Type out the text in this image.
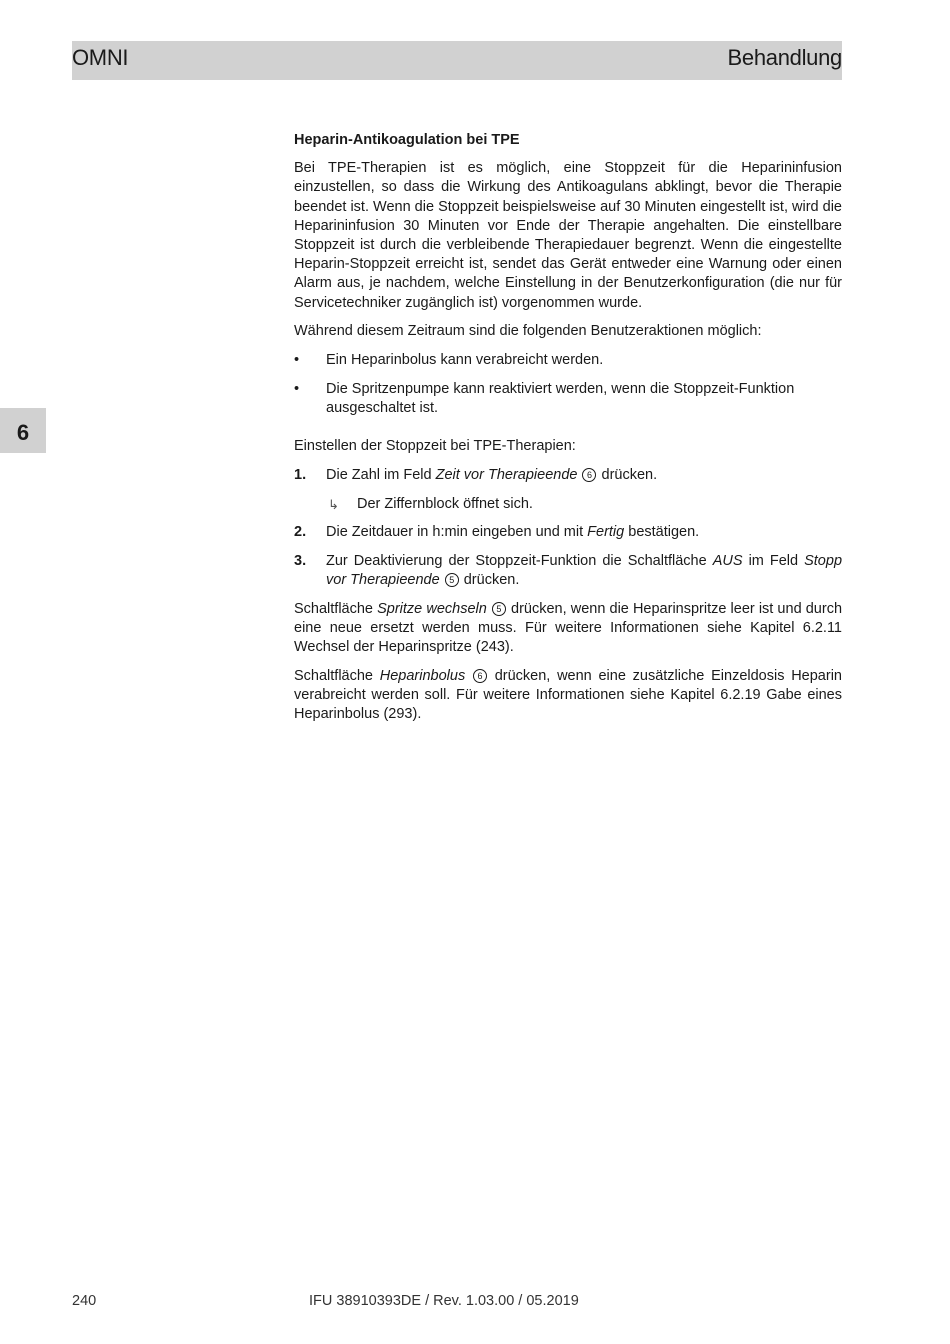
OMNI	Behandlung
6
Heparin-Antikoagulation bei TPE

Bei TPE-Therapien ist es möglich, eine Stoppzeit für die Heparininfusion einzustellen, so dass die Wirkung des Antikoagulans abklingt, bevor die Therapie beendet ist. Wenn die Stoppzeit beispielsweise auf 30 Minuten eingestellt ist, wird die Heparininfusion 30 Minuten vor Ende der Therapie angehalten. Die einstellbare Stoppzeit ist durch die verbleibende Therapiedauer begrenzt. Wenn die eingestellte Heparin-Stoppzeit erreicht ist, sendet das Gerät entweder eine Warnung oder einen Alarm aus, je nachdem, welche Einstellung in der Benutzerkonfiguration (die nur für Servicetechniker zugänglich ist) vorgenommen wurde.

Während diesem Zeitraum sind die folgenden Benutzeraktionen möglich:

• Ein Heparinbolus kann verabreicht werden.
• Die Spritzenpumpe kann reaktiviert werden, wenn die Stoppzeit-Funktion ausgeschaltet ist.

Einstellen der Stoppzeit bei TPE-Therapien:

1. Die Zahl im Feld Zeit vor Therapieende 6 drücken.
↳ Der Ziffernblock öffnet sich.
2. Die Zeitdauer in h:min eingeben und mit Fertig bestätigen.
3. Zur Deaktivierung der Stoppzeit-Funktion die Schaltfläche AUS im Feld Stopp vor Therapieende 5 drücken.

Schaltfläche Spritze wechseln 5 drücken, wenn die Heparinspritze leer ist und durch eine neue ersetzt werden muss. Für weitere Informationen siehe Kapitel 6.2.11 Wechsel der Heparinspritze (243).

Schaltfläche Heparinbolus 6 drücken, wenn eine zusätzliche Einzeldosis Heparin verabreicht werden soll. Für weitere Informationen siehe Kapitel 6.2.19 Gabe eines Heparinbolus (293).

240	IFU 38910393DE / Rev. 1.03.00 / 05.2019
